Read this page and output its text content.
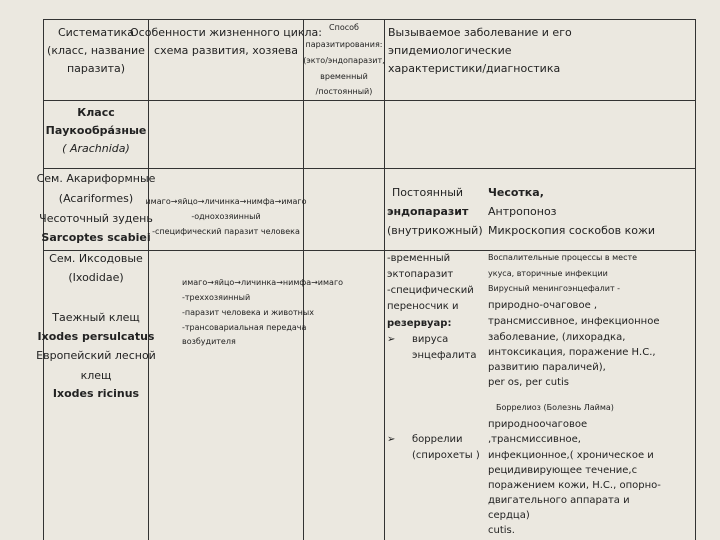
Систематика
(класс, название
паразита)
Особенности жизненного цикла:
схема развития, хозяева
Способ
паразитирования:
(экто/эндопаразит,
временный
/постоянный)
Вызываемое заболевание и его
эпидемиологические
характеристики/диагностика
Класс
Паукообра́зные
( Arachnida)
Сем. Акариформные
(Acariformes)
Чесоточный зудень
Sarcoptes scabiei
имаго→яйцо→личинка→нимфа→имаго
-однохозяинный
-специфический паразит человека
Постоянный
эндопаразит
(внутрикожный)
Чесотка,
Антропоноз
Микроскопия соскобов кожи
Сем. Иксодовые
(Ixodidae)
Таежный клещ
Ixodes persulcatus
Европейский лесной
клещ
Ixodes ricinus
имаго→яйцо→личинка→нимфа→имаго
-треххозяинный
-паразит человека и животных
-трансовариальная передача
возбудителя
-временный
эктопаразит
-специфический
переносчик и
резервуар:
➢ вируса
энцефалита
➢ боррелии
(спирохеты )
Воспалительные процессы в месте
укуса, вторичные инфекции
Вирусный менингоэнцефалит -
природно-очаговое ,
трансмиссивное, инфекционное
заболевание, (лихорадка,
интоксикация, поражение Н.С.,
развитию параличей),
per os, per cutis
Боррелиоз (Болезнь Лайма)
природноочаговое
,трансмиссивное,
инфекционное,( хроническое и
рецидивирующее течение,с
поражением кожи, Н.С., опорно-
двигательного аппарата и
сердца)
cutis.
